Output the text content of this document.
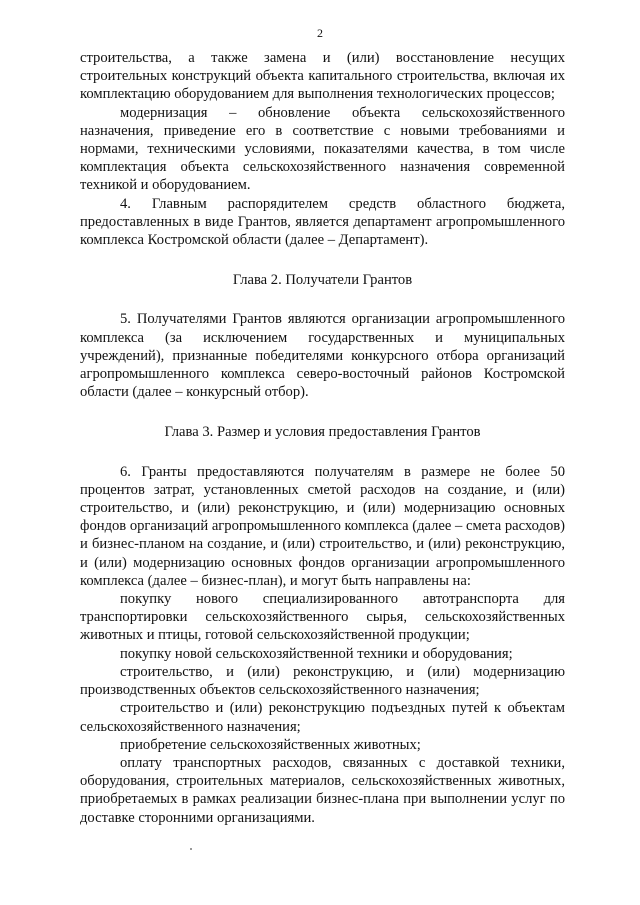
2

строительства, а также замена и (или) восстановление несущих строительных конструкций объекта капитального строительства, включая их комплектацию оборудованием для выполнения технологических процессов;

модернизация – обновление объекта сельскохозяйственного назначения, приведение его в соответствие с новыми требованиями и нормами, техническими условиями, показателями качества, в том числе комплектация объекта сельскохозяйственного назначения современной техникой и оборудованием.

4. Главным распорядителем средств областного бюджета, предоставленных в виде Грантов, является департамент агропромышленного комплекса Костромской области (далее – Департамент).

Глава 2. Получатели Грантов

5. Получателями Грантов являются организации агропромышленного комплекса (за исключением государственных и муниципальных учреждений), признанные победителями конкурсного отбора организаций агропромышленного комплекса северо-восточный районов Костромской области (далее – конкурсный отбор).

Глава 3. Размер и условия предоставления Грантов

6. Гранты предоставляются получателям в размере не более 50 процентов затрат, установленных сметой расходов на создание, и (или) строительство, и (или) реконструкцию, и (или) модернизацию основных фондов организаций агропромышленного комплекса (далее – смета расходов) и бизнес-планом на создание, и (или) строительство, и (или) реконструкцию, и (или) модернизацию основных фондов организации агропромышленного комплекса (далее – бизнес-план), и могут быть направлены на:

покупку нового специализированного автотранспорта для транспортировки сельскохозяйственного сырья, сельскохозяйственных животных и птицы, готовой сельскохозяйственной продукции;

покупку новой сельскохозяйственной техники и оборудования;

строительство, и (или) реконструкцию, и (или) модернизацию производственных объектов сельскохозяйственного назначения;

строительство и (или) реконструкцию подъездных путей к объектам сельскохозяйственного назначения;

приобретение сельскохозяйственных животных;

оплату транспортных расходов, связанных с доставкой техники, оборудования, строительных материалов, сельскохозяйственных животных, приобретаемых в рамках реализации бизнес-плана при выполнении услуг по доставке сторонними организациями.
